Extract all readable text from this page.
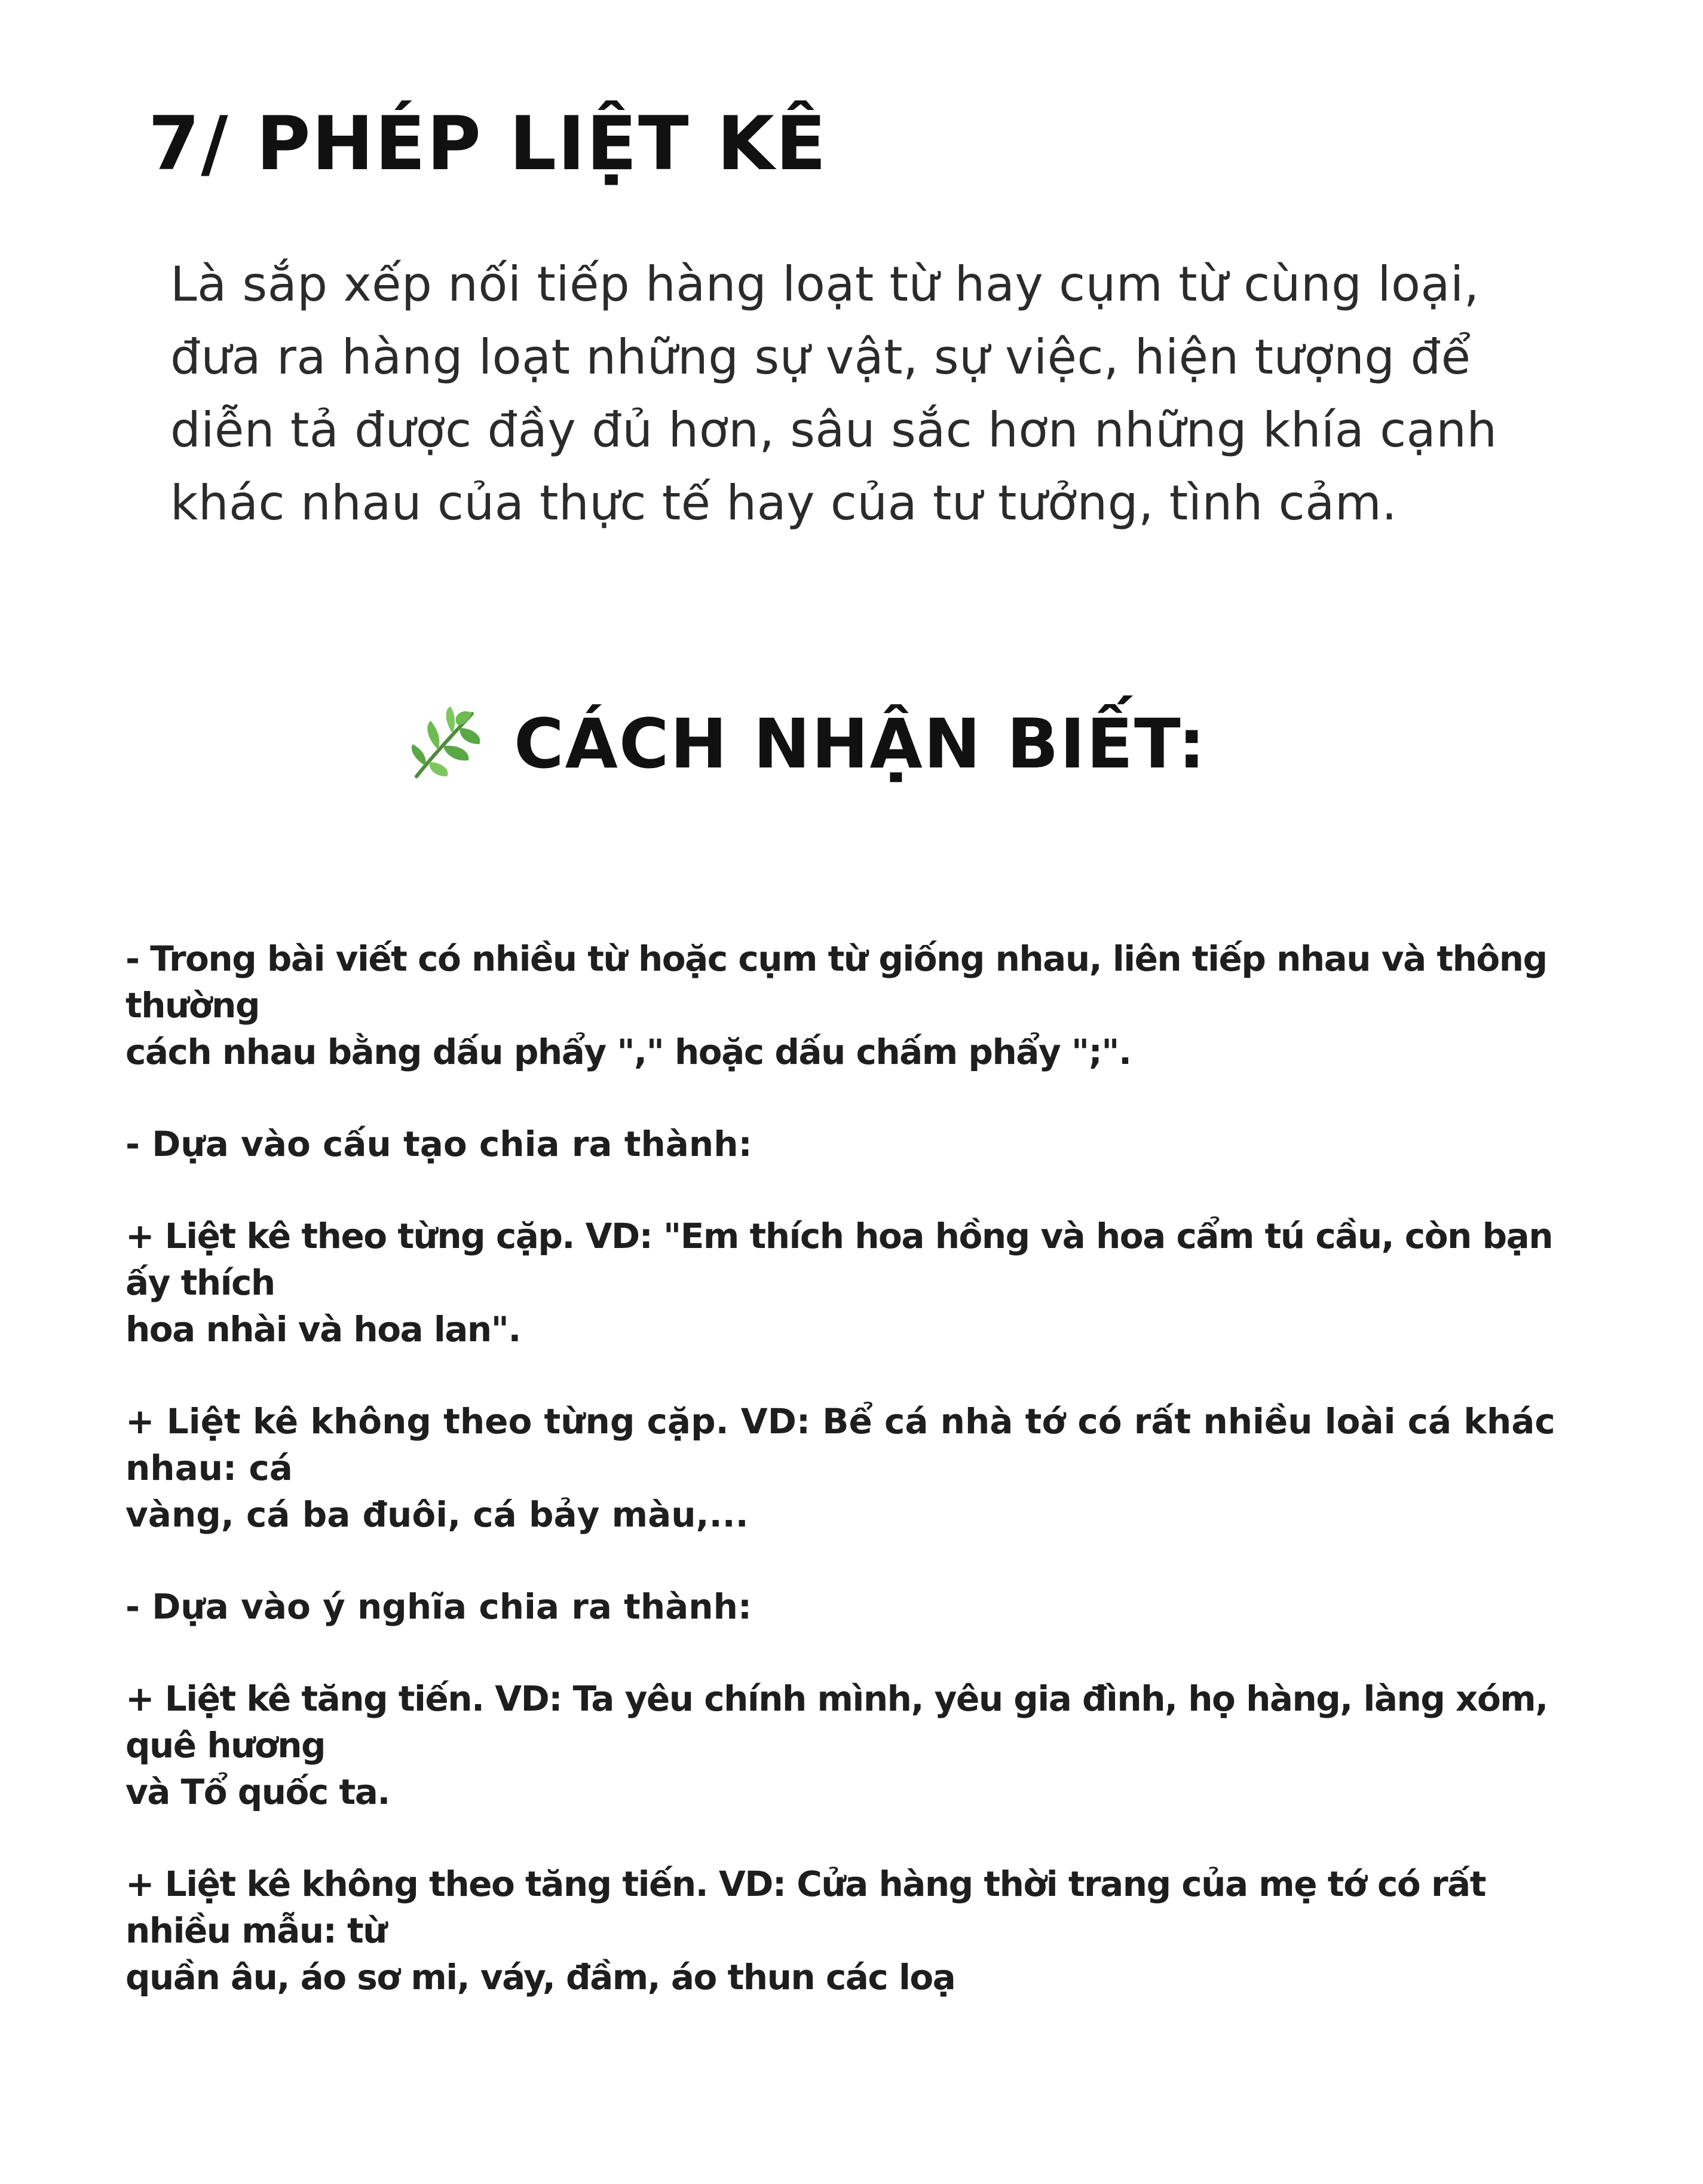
7/ PHÉP LIỆT KÊ

Là sắp xếp nối tiếp hàng loạt từ hay cụm từ cùng loại, đưa ra hàng loạt những sự vật, sự việc, hiện tượng để diễn tả được đầy đủ hơn, sâu sắc hơn những khía cạnh khác nhau của thực tế hay của tư tưởng, tình cảm.

CÁCH NHẬN BIẾT:
- Trong bài viết có nhiều từ hoặc cụm từ giống nhau, liên tiếp nhau và thông thường
cách nhau bằng dấu phẩy "," hoặc dấu chấm phẩy ";".
- Dựa vào cấu tạo chia ra thành:
+ Liệt kê theo từng cặp. VD: "Em thích hoa hồng và hoa cẩm tú cầu, còn bạn ấy thích
hoa nhài và hoa lan".
+ Liệt kê không theo từng cặp. VD: Bể cá nhà tớ có rất nhiều loài cá khác nhau: cá
vàng, cá ba đuôi, cá bảy màu,...
- Dựa vào ý nghĩa chia ra thành:
+ Liệt kê tăng tiến. VD: Ta yêu chính mình, yêu gia đình, họ hàng, làng xóm, quê hương
và Tổ quốc ta.
+ Liệt kê không theo tăng tiến. VD: Cửa hàng thời trang của mẹ tớ có rất nhiều mẫu: từ
quần âu, áo sơ mi, váy, đầm, áo thun các loạ
